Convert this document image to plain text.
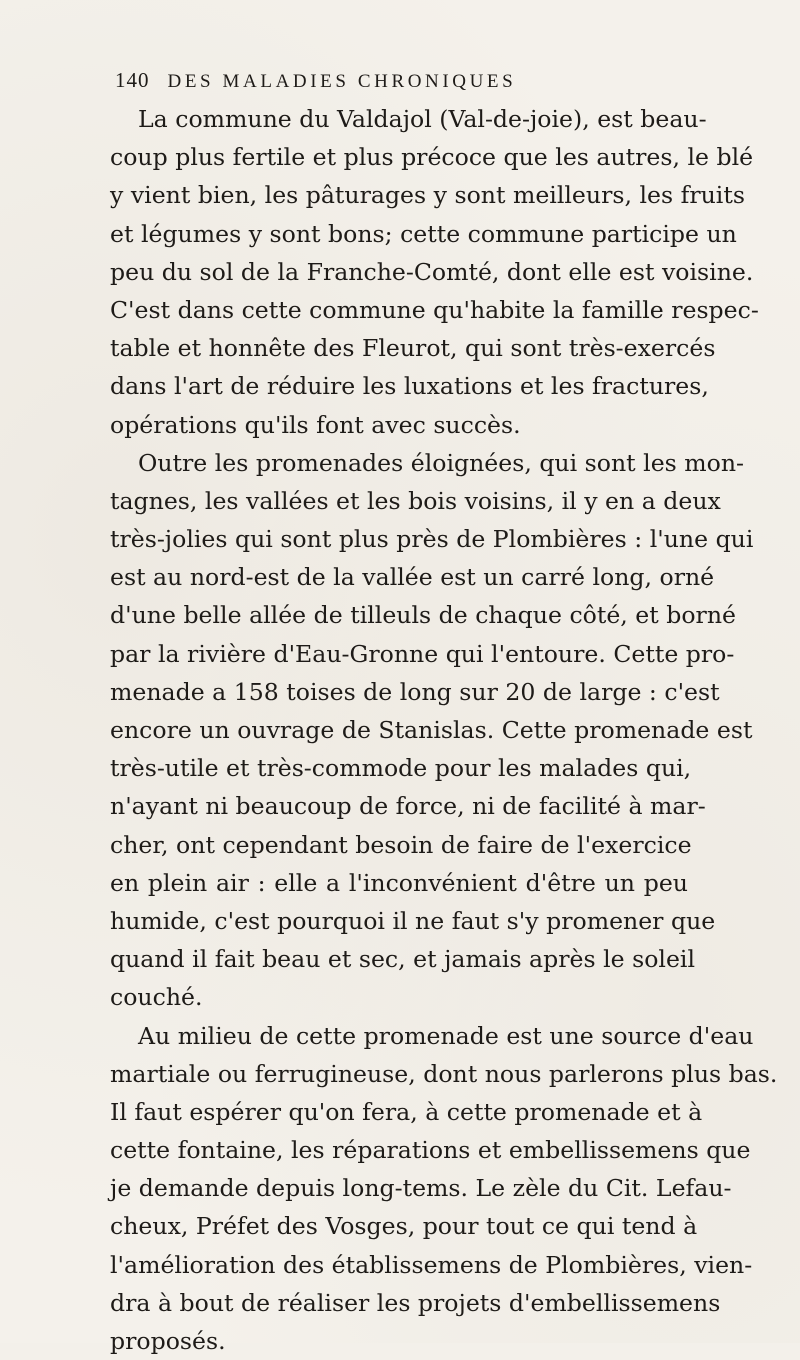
140 DES MALADIES CHRONIQUES
La commune du Valdajol (Val-de-joie), est beau-
coup plus fertile et plus précoce que les autres, le blé
y vient bien, les pâturages y sont meilleurs, les fruits
et légumes y sont bons; cette commune participe un
peu du sol de la Franche-Comté, dont elle est voisine.
C'est dans cette commune qu'habite la famille respec-
table et honnête des Fleurot, qui sont très-exercés
dans l'art de réduire les luxations et les fractures,
opérations qu'ils font avec succès.
Outre les promenades éloignées, qui sont les mon-
tagnes, les vallées et les bois voisins, il y en a deux
très-jolies qui sont plus près de Plombières : l'une qui
est au nord-est de la vallée est un carré long, orné
d'une belle allée de tilleuls de chaque côté, et borné
par la rivière d'Eau-Gronne qui l'entoure. Cette pro-
menade a 158 toises de long sur 20 de large : c'est
encore un ouvrage de Stanislas. Cette promenade est
très-utile et très-commode pour les malades qui,
n'ayant ni beaucoup de force, ni de facilité à mar-
cher, ont cependant besoin de faire de l'exercice
en plein air : elle a l'inconvénient d'être un peu
humide, c'est pourquoi il ne faut s'y promener que
quand il fait beau et sec, et jamais après le soleil
couché.
Au milieu de cette promenade est une source d'eau
martiale ou ferrugineuse, dont nous parlerons plus bas.
Il faut espérer qu'on fera, à cette promenade et à
cette fontaine, les réparations et embellissemens que
je demande depuis long-tems. Le zèle du Cit. Lefau-
cheux, Préfet des Vosges, pour tout ce qui tend à
l'amélioration des établissemens de Plombières, vien-
dra à bout de réaliser les projets d'embellissemens
proposés.
